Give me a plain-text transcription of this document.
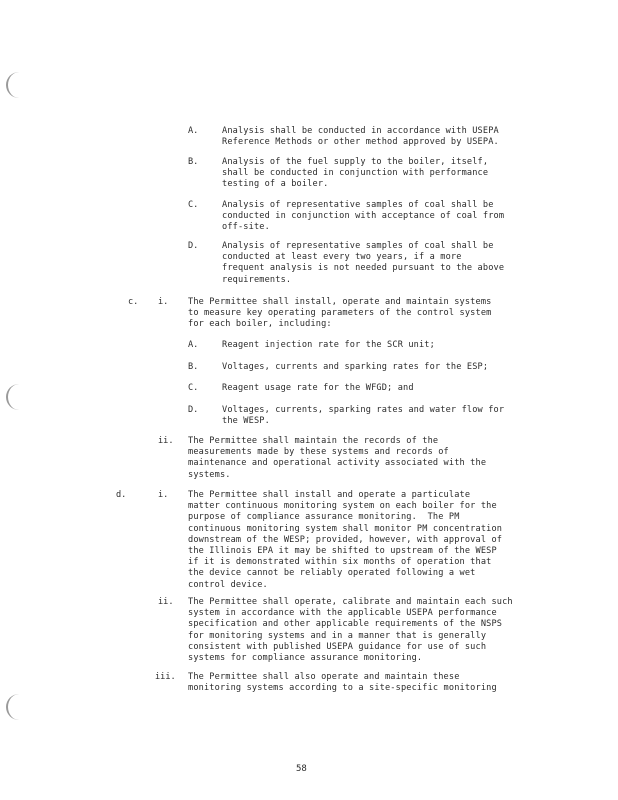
A.	Analysis shall be conducted in accordance with USEPA
Reference Methods or other method approved by USEPA.
B.	Analysis of the fuel supply to the boiler, itself,
shall be conducted in conjunction with performance
testing of a boiler.
C.	Analysis of representative samples of coal shall be
conducted in conjunction with acceptance of coal from
off-site.
D.	Analysis of representative samples of coal shall be
conducted at least every two years, if a more
frequent analysis is not needed pursuant to the above
requirements.
c. i. The Permittee shall install, operate and maintain systems
to measure key operating parameters of the control system
for each boiler, including:
A.	Reagent injection rate for the SCR unit;
B.	Voltages, currents and sparking rates for the ESP;
C.	Reagent usage rate for the WFGD; and
D.	Voltages, currents, sparking rates and water flow for
the WESP.
ii. The Permittee shall maintain the records of the
measurements made by these systems and records of
maintenance and operational activity associated with the
systems.
d.	i. The Permittee shall install and operate a particulate
matter continuous monitoring system on each boiler for the
purpose of compliance assurance monitoring.  The PM
continuous monitoring system shall monitor PM concentration
downstream of the WESP; provided, however, with approval of
the Illinois EPA it may be shifted to upstream of the WESP
if it is demonstrated within six months of operation that
the device cannot be reliably operated following a wet
control device.
ii. The Permittee shall operate, calibrate and maintain each such
system in accordance with the applicable USEPA performance
specification and other applicable requirements of the NSPS
for monitoring systems and in a manner that is generally
consistent with published USEPA guidance for use of such
systems for compliance assurance monitoring.
iii. The Permittee shall also operate and maintain these
monitoring systems according to a site-specific monitoring
58
